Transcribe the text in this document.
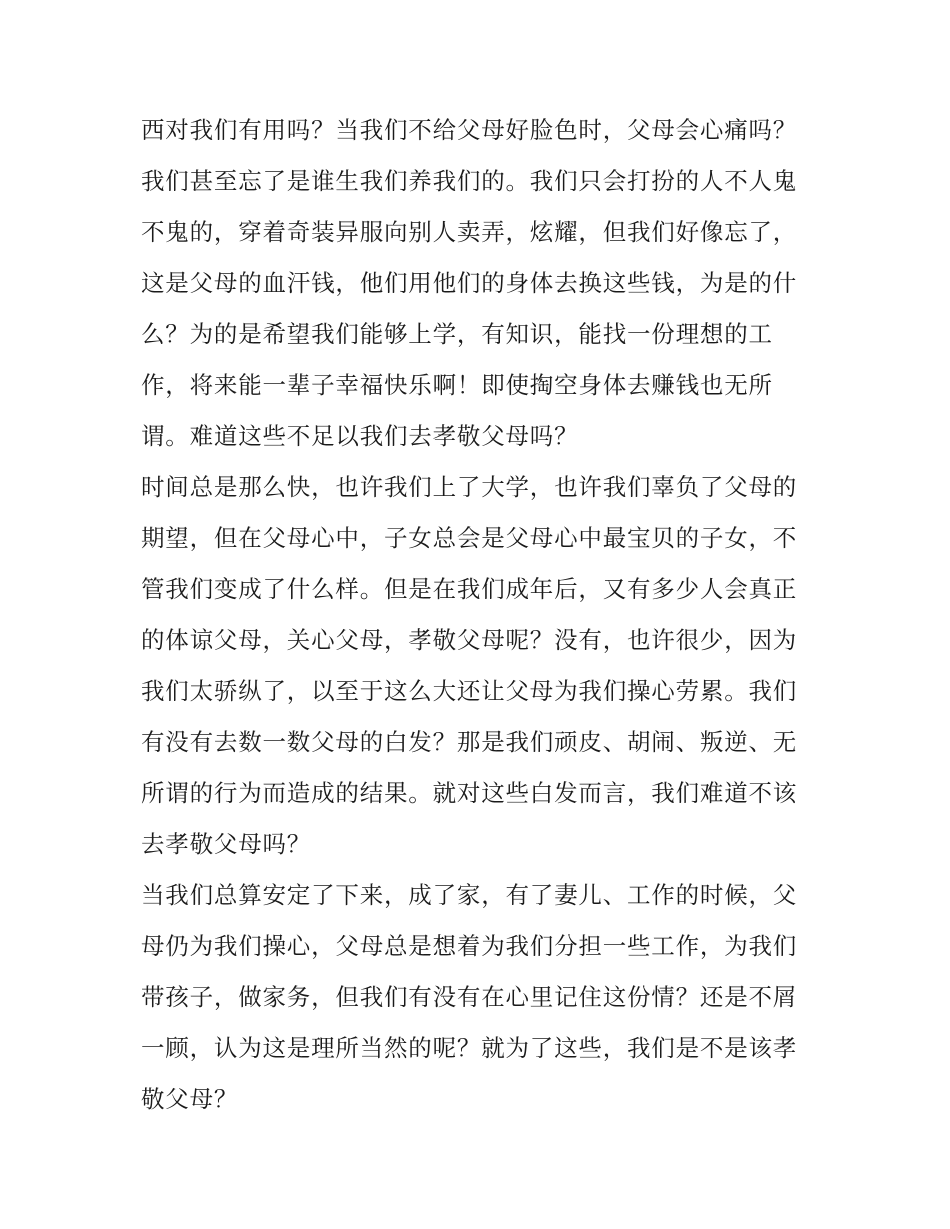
西对我们有用吗？当我们不给父母好脸色时，父母会心痛吗？
我们甚至忘了是谁生我们养我们的。我们只会打扮的人不人鬼
不鬼的，穿着奇装异服向别人卖弄，炫耀，但我们好像忘了，
这是父母的血汗钱，他们用他们的身体去换这些钱，为是的什
么？为的是希望我们能够上学，有知识，能找一份理想的工
作，将来能一辈子幸福快乐啊！即使掏空身体去赚钱也无所
谓。难道这些不足以我们去孝敬父母吗？
时间总是那么快，也许我们上了大学，也许我们辜负了父母的
期望，但在父母心中，子女总会是父母心中最宝贝的子女，不
管我们变成了什么样。但是在我们成年后，又有多少人会真正
的体谅父母，关心父母，孝敬父母呢？没有，也许很少，因为
我们太骄纵了，以至于这么大还让父母为我们操心劳累。我们
有没有去数一数父母的白发？那是我们顽皮、胡闹、叛逆、无
所谓的行为而造成的结果。就对这些白发而言，我们难道不该
去孝敬父母吗？
当我们总算安定了下来，成了家，有了妻儿、工作的时候，父
母仍为我们操心，父母总是想着为我们分担一些工作，为我们
带孩子，做家务，但我们有没有在心里记住这份情？还是不屑
一顾，认为这是理所当然的呢？就为了这些，我们是不是该孝
敬父母？
